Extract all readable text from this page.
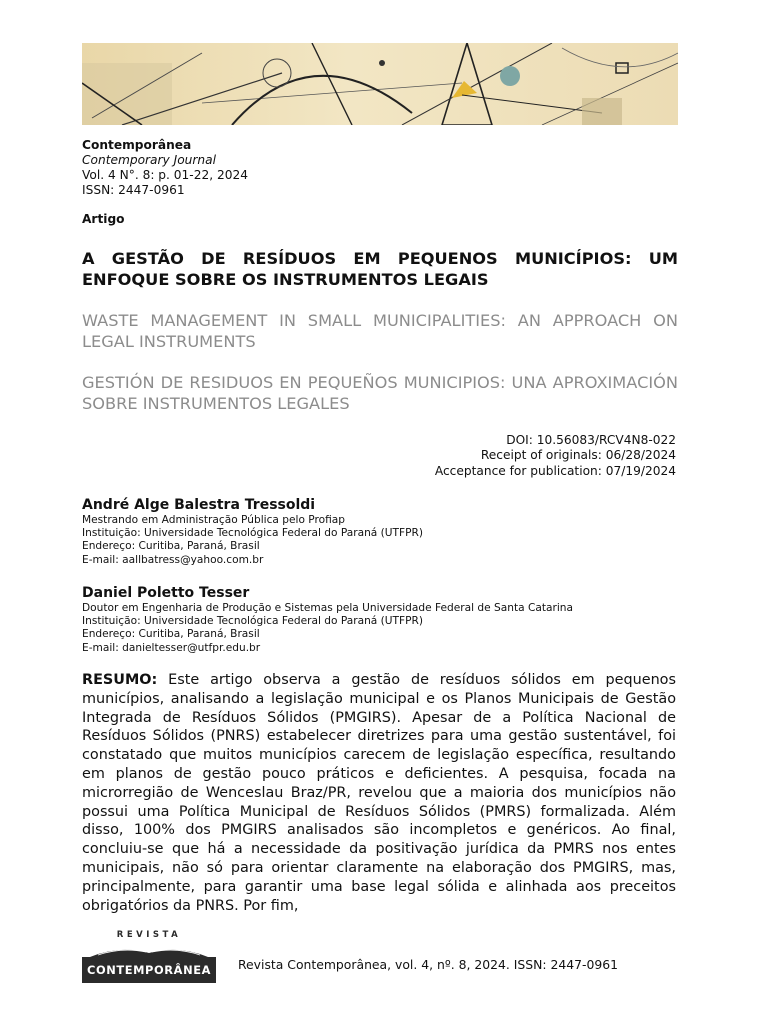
Contemporânea
Contemporary Journal
Vol. 4 N°. 8: p. 01-22, 2024
ISSN: 2447-0961
Artigo
A GESTÃO DE RESÍDUOS EM PEQUENOS MUNICÍPIOS: UM ENFOQUE SOBRE OS INSTRUMENTOS LEGAIS
WASTE MANAGEMENT IN SMALL MUNICIPALITIES: AN APPROACH ON LEGAL INSTRUMENTS
GESTIÓN DE RESIDUOS EN PEQUEÑOS MUNICIPIOS: UNA APROXIMACIÓN SOBRE INSTRUMENTOS LEGALES
DOI: 10.56083/RCV4N8-022
Receipt of originals: 06/28/2024
Acceptance for publication: 07/19/2024
André Alge Balestra Tressoldi
Mestrando em Administração Pública pelo Profiap
Instituição: Universidade Tecnológica Federal do Paraná (UTFPR)
Endereço: Curitiba, Paraná, Brasil
E-mail: aallbatress@yahoo.com.br
Daniel Poletto Tesser
Doutor em Engenharia de Produção e Sistemas pela Universidade Federal de Santa Catarina
Instituição: Universidade Tecnológica Federal do Paraná (UTFPR)
Endereço: Curitiba, Paraná, Brasil
E-mail: danieltesser@utfpr.edu.br
RESUMO: Este artigo observa a gestão de resíduos sólidos em pequenos municípios, analisando a legislação municipal e os Planos Municipais de Gestão Integrada de Resíduos Sólidos (PMGIRS). Apesar de a Política Nacional de Resíduos Sólidos (PNRS) estabelecer diretrizes para uma gestão sustentável, foi constatado que muitos municípios carecem de legislação específica, resultando em planos de gestão pouco práticos e deficientes. A pesquisa, focada na microrregião de Wenceslau Braz/PR, revelou que a maioria dos municípios não possui uma Política Municipal de Resíduos Sólidos (PMRS) formalizada. Além disso, 100% dos PMGIRS analisados são incompletos e genéricos. Ao final, concluiu-se que há a necessidade da positivação jurídica da PMRS nos entes municipais, não só para orientar claramente na elaboração dos PMGIRS, mas, principalmente, para garantir uma base legal sólida e alinhada aos preceitos obrigatórios da PNRS. Por fim,
REVISTA
CONTEMPORÂNEA	Revista Contemporânea, vol. 4, nº. 8, 2024. ISSN: 2447-0961
